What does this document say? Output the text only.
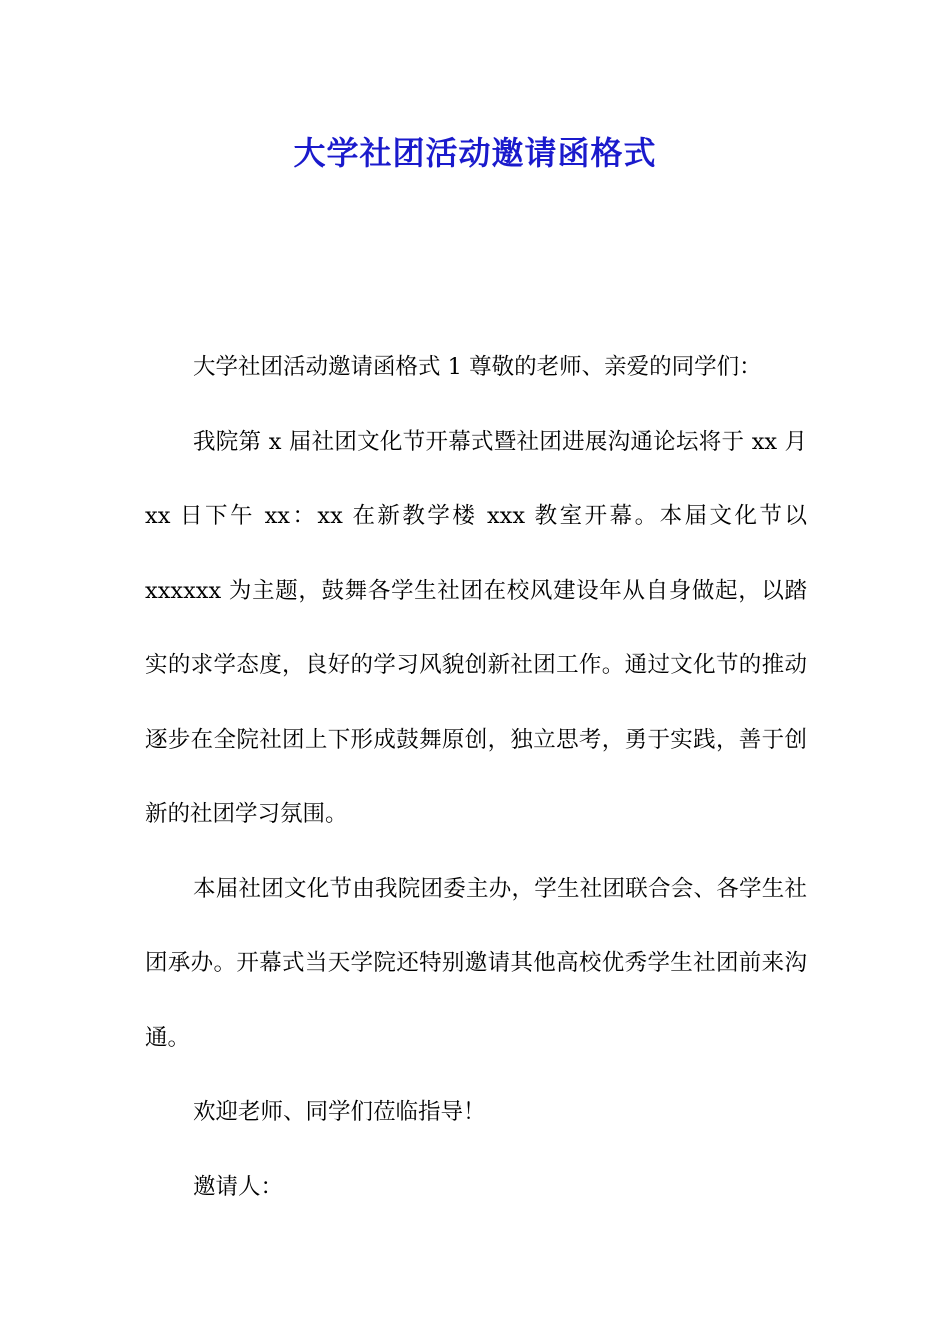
大学社团活动邀请函格式

大学社团活动邀请函格式 1 尊敬的老师、亲爱的同学们：

我院第 x 届社团文化节开幕式暨社团进展沟通论坛将于 xx 月 xx 日下午 xx：xx 在新教学楼 xxx 教室开幕。本届文化节以 xxxxxx 为主题，鼓舞各学生社团在校风建设年从自身做起，以踏实的求学态度，良好的学习风貌创新社团工作。通过文化节的推动逐步在全院社团上下形成鼓舞原创，独立思考，勇于实践，善于创新的社团学习氛围。

本届社团文化节由我院团委主办，学生社团联合会、各学生社团承办。开幕式当天学院还特别邀请其他高校优秀学生社团前来沟通。

欢迎老师、同学们莅临指导！

邀请人：
